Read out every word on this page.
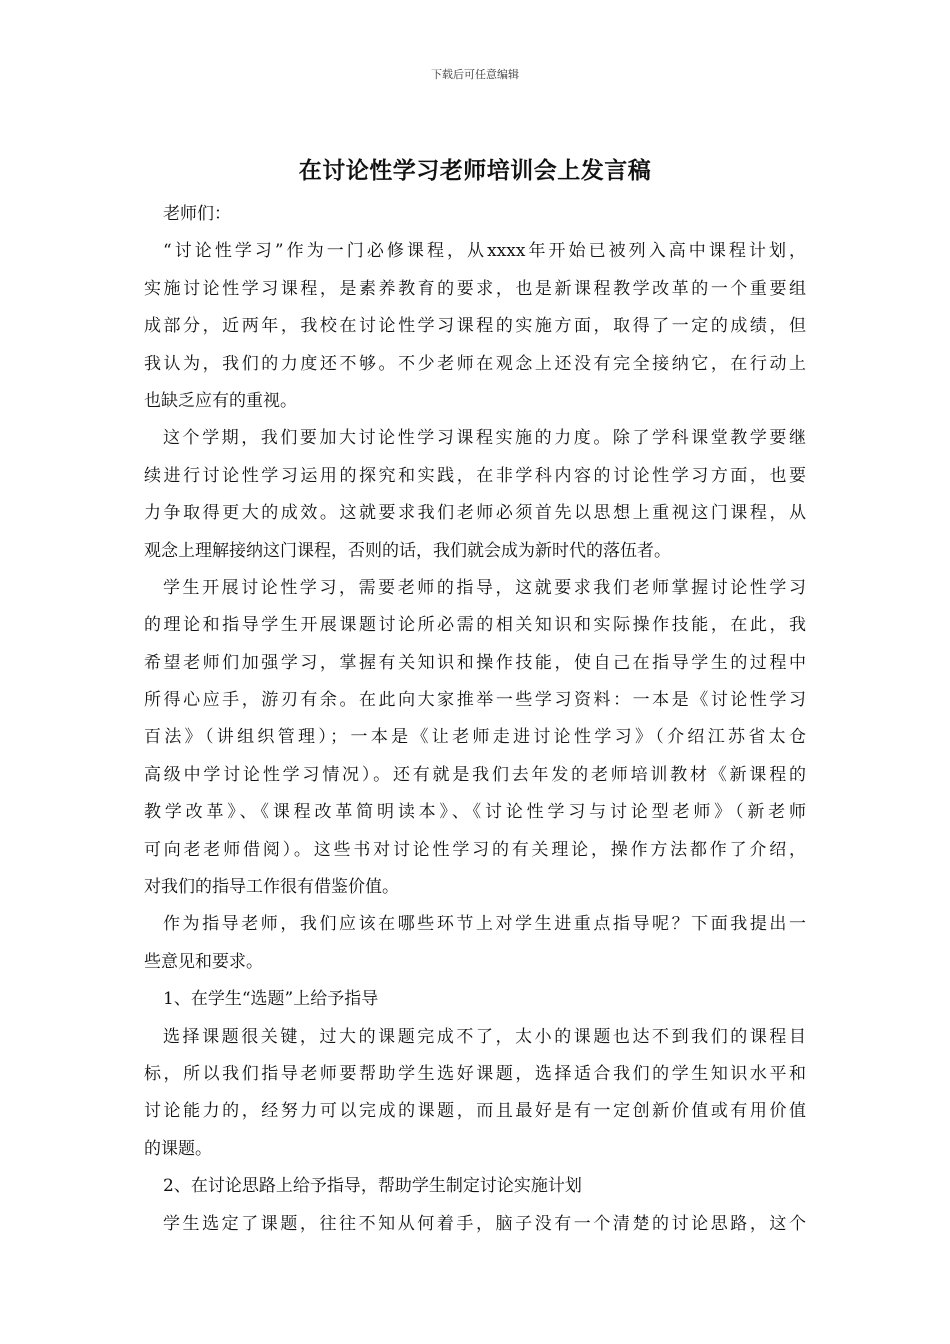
下载后可任意编辑
在讨论性学习老师培训会上发言稿
老师们：
“讨论性学习”作为一门必修课程，从xxxx年开始已被列入高中课程计划，
实施讨论性学习课程，是素养教育的要求，也是新课程教学改革的一个重要组
成部分，近两年，我校在讨论性学习课程的实施方面，取得了一定的成绩，但
我认为，我们的力度还不够。不少老师在观念上还没有完全接纳它，在行动上
也缺乏应有的重视。
这个学期，我们要加大讨论性学习课程实施的力度。除了学科课堂教学要继
续进行讨论性学习运用的探究和实践，在非学科内容的讨论性学习方面，也要
力争取得更大的成效。这就要求我们老师必须首先以思想上重视这门课程，从
观念上理解接纳这门课程，否则的话，我们就会成为新时代的落伍者。
学生开展讨论性学习，需要老师的指导，这就要求我们老师掌握讨论性学习
的理论和指导学生开展课题讨论所必需的相关知识和实际操作技能，在此，我
希望老师们加强学习，掌握有关知识和操作技能，使自己在指导学生的过程中
所得心应手，游刃有余。在此向大家推举一些学习资料：一本是《讨论性学习
百法》（讲组织管理）；一本是《让老师走进讨论性学习》（介绍江苏省太仓
高级中学讨论性学习情况）。还有就是我们去年发的老师培训教材《新课程的
教学改革》、《课程改革简明读本》、《讨论性学习与讨论型老师》（新老师
可向老老师借阅）。这些书对讨论性学习的有关理论，操作方法都作了介绍，
对我们的指导工作很有借鉴价值。
作为指导老师，我们应该在哪些环节上对学生进重点指导呢？下面我提出一
些意见和要求。
1、在学生“选题”上给予指导
选择课题很关键，过大的课题完成不了，太小的课题也达不到我们的课程目
标，所以我们指导老师要帮助学生选好课题，选择适合我们的学生知识水平和
讨论能力的，经努力可以完成的课题，而且最好是有一定创新价值或有用价值
的课题。
2、在讨论思路上给予指导，帮助学生制定讨论实施计划
学生选定了课题，往往不知从何着手，脑子没有一个清楚的讨论思路，这个
